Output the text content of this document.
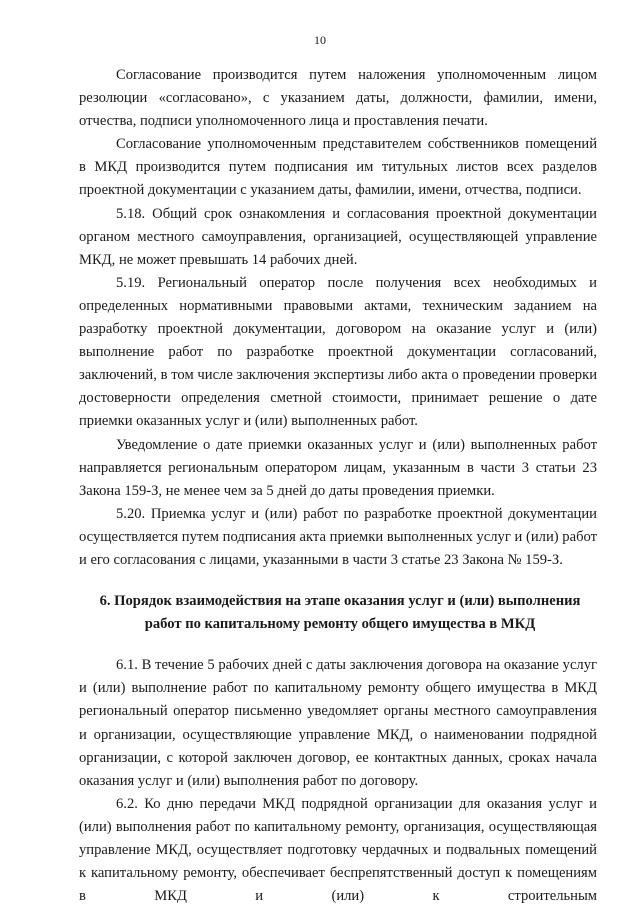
10

Согласование производится путем наложения уполномоченным лицом резолюции «согласовано», с указанием даты, должности, фамилии, имени, отчества, подписи уполномоченного лица и проставления печати.

Согласование уполномоченным представителем собственников помещений в МКД производится путем подписания им титульных листов всех разделов проектной документации с указанием даты, фамилии, имени, отчества, подписи.

5.18. Общий срок ознакомления и согласования проектной документации органом местного самоуправления, организацией, осуществляющей управление МКД, не может превышать 14 рабочих дней.

5.19. Региональный оператор после получения всех необходимых и определенных нормативными правовыми актами, техническим заданием на разработку проектной документации, договором на оказание услуг и (или) выполнение работ по разработке проектной документации согласований, заключений, в том числе заключения экспертизы либо акта о проведении проверки достоверности определения сметной стоимости, принимает решение о дате приемки оказанных услуг и (или) выполненных работ.

Уведомление о дате приемки оказанных услуг и (или) выполненных работ направляется региональным оператором лицам, указанным в части 3 статьи 23 Закона 159-З, не менее чем за 5 дней до даты проведения приемки.

5.20. Приемка услуг и (или) работ по разработке проектной документации осуществляется путем подписания акта приемки выполненных услуг и (или) работ и его согласования с лицами, указанными в части 3 статье 23 Закона № 159-З.

6. Порядок взаимодействия на этапе оказания услуг и (или) выполнения работ по капитальному ремонту общего имущества в МКД

6.1. В течение 5 рабочих дней с даты заключения договора на оказание услуг и (или) выполнение работ по капитальному ремонту общего имущества в МКД региональный оператор письменно уведомляет органы местного самоуправления и организации, осуществляющие управление МКД, о наименовании подрядной организации, с которой заключен договор, ее контактных данных, сроках начала оказания услуг и (или) выполнения работ по договору.

6.2. Ко дню передачи МКД подрядной организации для оказания услуг и (или) выполнения работ по капитальному ремонту, организация, осуществляющая управление МКД, осуществляет подготовку чердачных и подвальных помещений к капитальному ремонту, обеспечивает беспрепятственный доступ к помещениям в МКД и (или) к строительным
